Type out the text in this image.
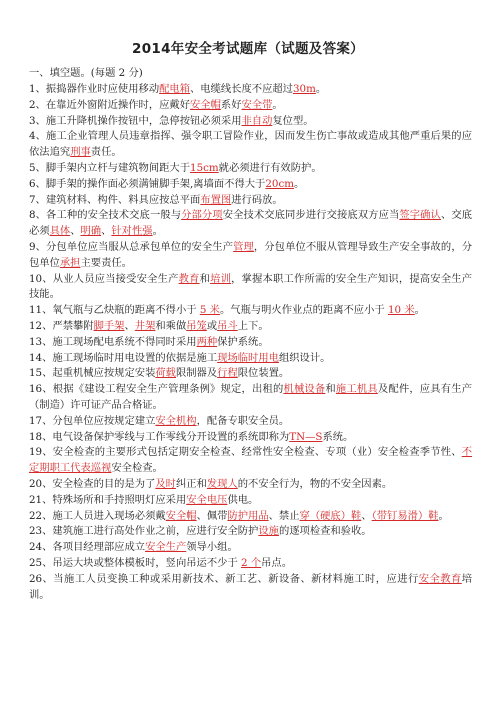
2014年安全考试题库（试题及答案）
一、填空题。(每题 2 分)

1、振捣器作业时应使用移动配电箱、电缆线长度不应超过30m。

2、在靠近外窗附近操作时，应戴好安全帽系好安全带。

3、施工升降机操作按钮中，急停按钮必须采用非自动复位型。

4、施工企业管理人员违章指挥、强令职工冒险作业，因而发生伤亡事故或造成其他严重后果的应依法追究刑事责任。

5、脚手架内立杆与建筑物间距大于15cm就必须进行有效防护。

6、脚手架的操作面必须满铺脚手架,离墙面不得大于20cm。

7、建筑材料、构件、料具应按总平面布置图进行码放。

8、各工种的安全技术交底一般与分部分项安全技术交底同步进行交接底双方应当签字确认、交底必须具体、明确、针对性强。

9、分包单位应当服从总承包单位的安全生产管理，分包单位不服从管理导致生产安全事故的，分包单位承担主要责任。

10、从业人员应当接受安全生产教育和培训，掌握本职工作所需的安全生产知识，提高安全生产技能。

11、氧气瓶与乙炔瓶的距离不得小于 5 米。气瓶与明火作业点的距离不应小于 10 米。

12、严禁攀附脚手架、井架和乘做吊笼或吊斗上下。

13、施工现场配电系统不得同时采用两种保护系统。

14、施工现场临时用电设置的依据是施工现场临时用电组织设计。

15、起重机械应按规定安装荷载限制器及行程限位装置。

16、根据《建设工程安全生产管理条例》规定，出租的机械设备和施工机具及配件，应具有生产（制造）许可证产品合格证。

17、分包单位应按规定建立安全机构，配备专职安全员。

18、电气设备保护零线与工作零线分开设置的系统即称为TN—S系统。

19、安全检查的主要形式包括定期安全检查、经常性安全检查、专项（业）安全检查季节性、不定期职工代表巡视安全检查。

20、安全检查的目的是为了及时纠正和发现人的不安全行为，物的不安全因素。

21、特殊场所和手持照明灯应采用安全电压供电。

22、施工人员进入现场必须戴安全帽、佩带防护用品、禁止穿（硬底）鞋、（带钉易滑）鞋。

23、建筑施工进行高处作业之前，应进行安全防护设施的逐项检查和验收。

24、各项目经理部应成立安全生产领导小组。

25、吊运大块或整体模板时，竖向吊运不少于 2 个吊点。

26、当施工人员变换工种或采用新技术、新工艺、新设备、新材料施工时，应进行安全教育培训。
